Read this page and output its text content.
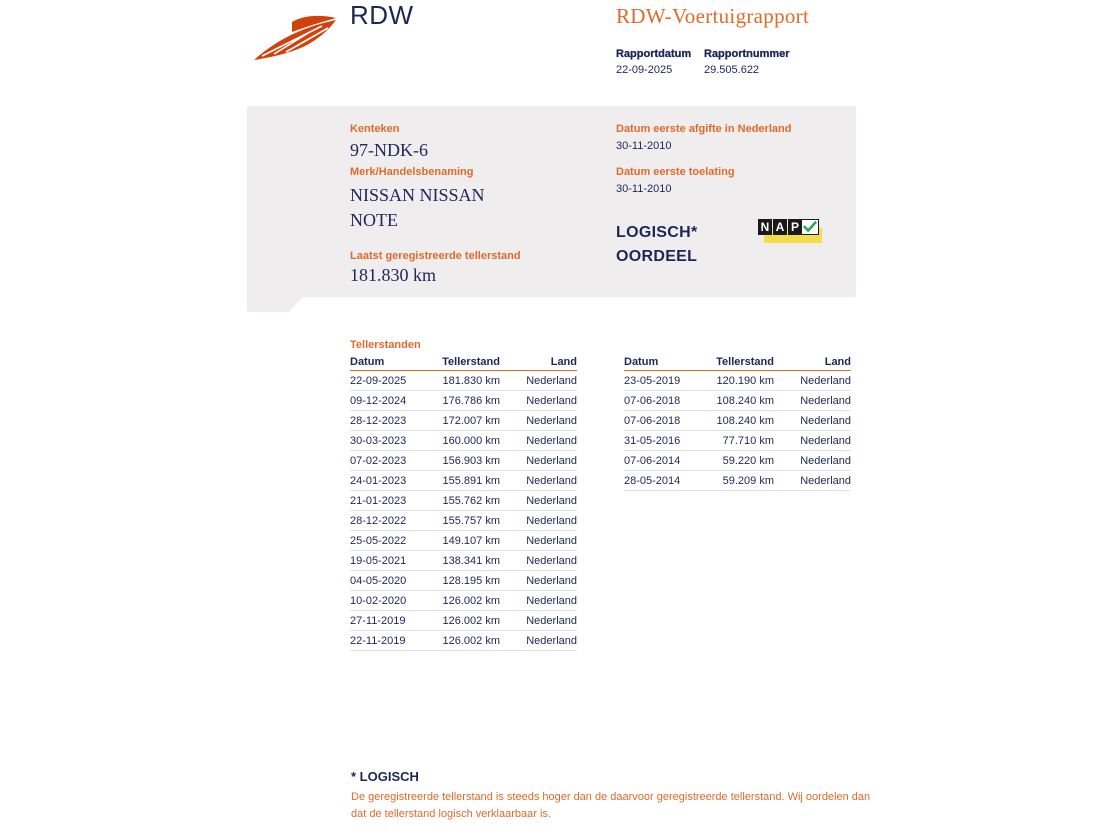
RDW	RDW-Voertuigrapport
Rapportdatum
22-09-2025
Rapportnummer
29.505.622
Kenteken
97-NDK-6
Merk/Handelsbenaming
NISSAN NISSAN
NOTE
Laatst geregistreerde tellerstand
181.830 km
Datum eerste afgifte in Nederland
30-11-2010
Datum eerste toelating
30-11-2010
LOGISCH*
OORDEEL
N A P
Tellerstanden
Datum	Tellerstand	Land
22-09-2025	181.830 km	Nederland
09-12-2024	176.786 km	Nederland
28-12-2023	172.007 km	Nederland
30-03-2023	160.000 km	Nederland
07-02-2023	156.903 km	Nederland
24-01-2023	155.891 km	Nederland
21-01-2023	155.762 km	Nederland
28-12-2022	155.757 km	Nederland
25-05-2022	149.107 km	Nederland
19-05-2021	138.341 km	Nederland
04-05-2020	128.195 km	Nederland
10-02-2020	126.002 km	Nederland
27-11-2019	126.002 km	Nederland
22-11-2019	126.002 km	Nederland
Datum	Tellerstand	Land
23-05-2019	120.190 km	Nederland
07-06-2018	108.240 km	Nederland
07-06-2018	108.240 km	Nederland
31-05-2016	77.710 km	Nederland
07-06-2014	59.220 km	Nederland
28-05-2014	59.209 km	Nederland
* LOGISCH
De geregistreerde tellerstand is steeds hoger dan de daarvoor geregistreerde tellerstand. Wij oordelen dan dat de tellerstand logisch verklaarbaar is.
